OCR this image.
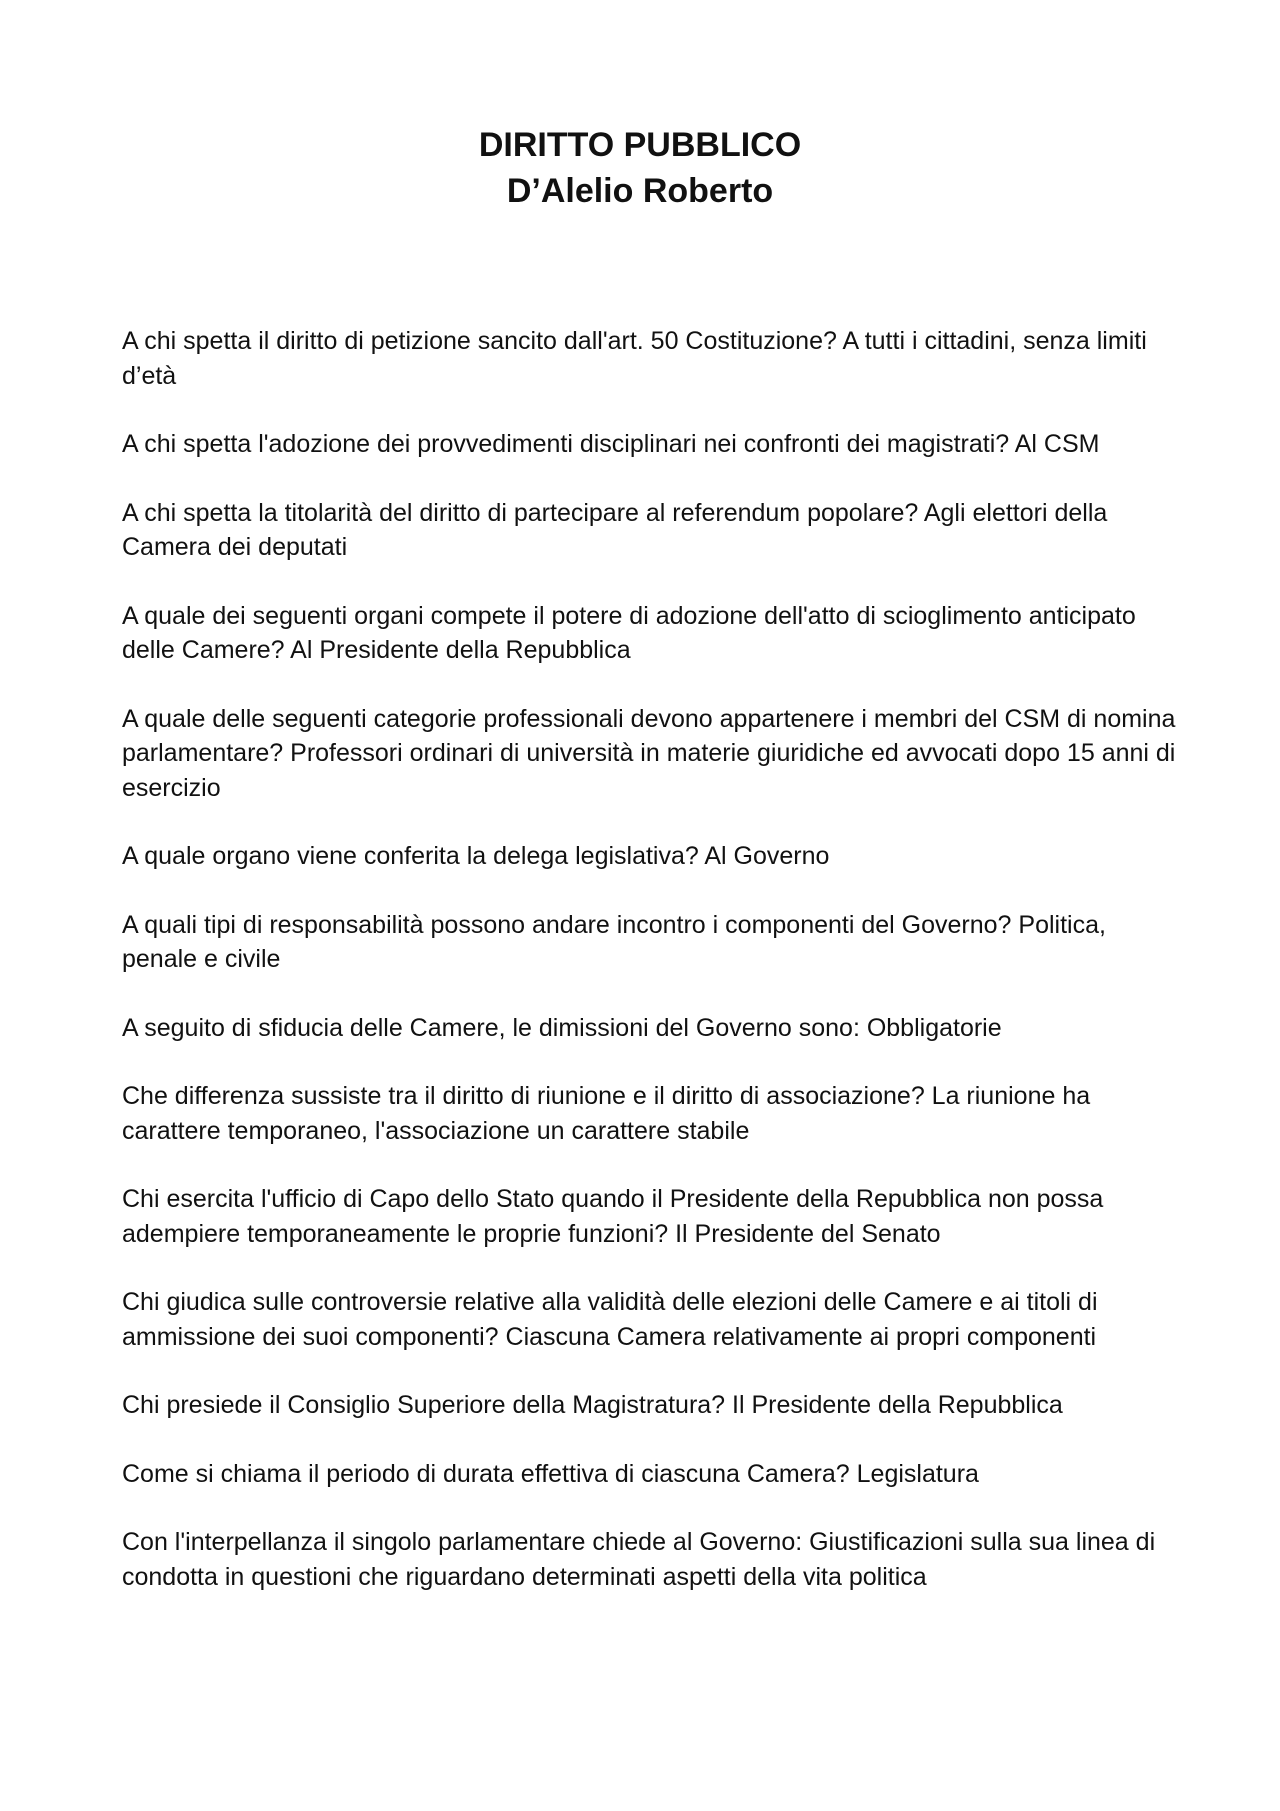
DIRITTO PUBBLICO
D’Alelio Roberto

A chi spetta il diritto di petizione sancito dall'art. 50 Costituzione? A tutti i cittadini, senza limiti d’età

A chi spetta l'adozione dei provvedimenti disciplinari nei confronti dei magistrati? Al CSM

A chi spetta la titolarità del diritto di partecipare al referendum popolare? Agli elettori della Camera dei deputati

A quale dei seguenti organi compete il potere di adozione dell'atto di scioglimento anticipato delle Camere? Al Presidente della Repubblica

A quale delle seguenti categorie professionali devono appartenere i membri del CSM di nomina parlamentare? Professori ordinari di università in materie giuridiche ed avvocati dopo 15 anni di esercizio

A quale organo viene conferita la delega legislativa? Al Governo

A quali tipi di responsabilità possono andare incontro i componenti del Governo? Politica, penale e civile

A seguito di sfiducia delle Camere, le dimissioni del Governo sono: Obbligatorie

Che differenza sussiste tra il diritto di riunione e il diritto di associazione? La riunione ha carattere temporaneo, l'associazione un carattere stabile

Chi esercita l'ufficio di Capo dello Stato quando il Presidente della Repubblica non possa adempiere temporaneamente le proprie funzioni? Il Presidente del Senato

Chi giudica sulle controversie relative alla validità delle elezioni delle Camere e ai titoli di ammissione dei suoi componenti? Ciascuna Camera relativamente ai propri componenti

Chi presiede il Consiglio Superiore della Magistratura? Il Presidente della Repubblica

Come si chiama il periodo di durata effettiva di ciascuna Camera? Legislatura

Con l'interpellanza il singolo parlamentare chiede al Governo: Giustificazioni sulla sua linea di condotta in questioni che riguardano determinati aspetti della vita politica
